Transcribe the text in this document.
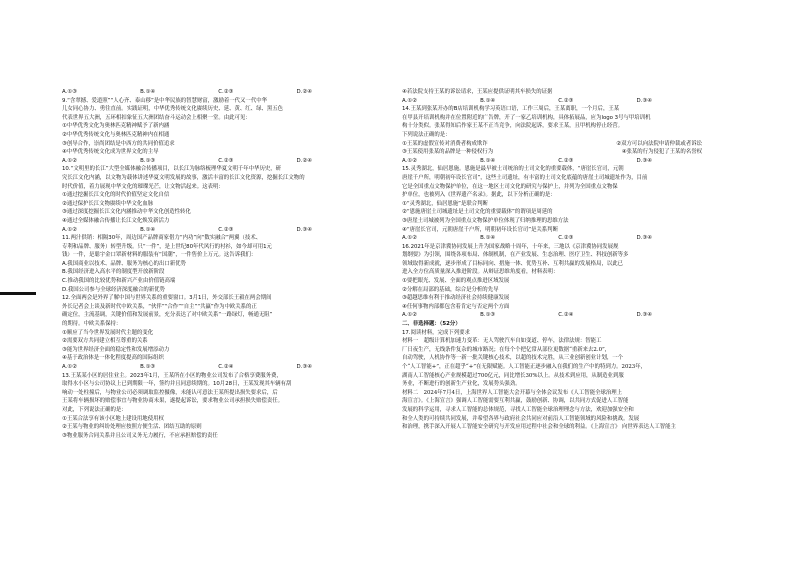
A.①③	B.①④	C.②③	D.②④
9.“含翠撼、爱道照”“人心齐、泰山移”是中华民族的智慧财富，激励着一代又一代中华
儿女同心协力、勇往直前。实践证明，中华优秀传统文化赓续历史、延、黄、红、绿、黑五色
代表世界五大洲，五环相扣象征五大洲团结奋斗运动会上相聚一堂。由此可见：
①中华优秀文化为奥林匹克精神赋予了新内涵
②中华优秀传统文化与奥林匹克精神内在相通
③创导合作，崇尚团结是中西方的共同价值追求
④中华优秀传统文化成为世界文化的主导
A.①②	B.①③	C.②③	D.②④
10.“文明里的长江”大型全媒体融合传播项目，以长江为脉络梳理华夏文明千年中华历史，研
究长江文化内涵，以文物为载体讲述华夏文明发展的故事，激活丰富的长江文化资源，挖掘长江文物的
时代价值，着力展现中华文化的璀璨光芒，让文物活起来。这表明：
①通过挖掘长江文化的时代价值坚定文化自信
②通过保护长江文物赓续中华文化血脉
③通过深度挖掘长江文化内涵推动中华文化创造性转化
④通过全媒体融合传播让长江文化焕发新活力
A.①②	B.①④	C.②③	D.③④
11.两汁供销：相隔30年，周边国产品牌商家借力“内功”向“数实融合”两翼（技术、
专利和品牌、服务）转型升级。只“一件”，是上世纪80年代风行的衬衫，如今却可用1元
钱）一件，是聪宇金口罩新材料的服装有“国潮”，一件售价上万元。这告诉我们：
A.我国商业以技术、品牌、服务为核心的出口新优势
B.我国经济进入高水平的制度型开放新阶段
C.推动我国的比较优势和新兴产业由价值链高端
D.我国公司参与全球经济深度融合的新优势
12.全面两会是外界了解中国与世界关系的重要窗口。3月1日，外交部长王毅在两会期间
外长记者会上谈及新时代中欧关系，“伙伴”“合作”“自主”“共赢”作为中欧关系的正
确定位，主流基调，关键价值和发展前景，充分表达了对中欧关系“一路绿灯，畅通无阻”
的期待。中欧关系保持：
①顺应了当今世界发展时代主题的变化
②需要双方共同建立相互尊重的关系
③能为世界经济全面的稳定性和发展增添动力
④基于政治体是一体化程度提高的国际组织
A.①②	B.①③	C.②④	D.③④
13.王某某小区的居住业主。2023年1月，王某所在小区的物业公司发布了合格享费服务费，
取得水小区与公司协议上已到期限一年，签约并且同意续期的。10月28日，王某发现其车辆有刮
响动一处柱撞后，与物业公司必须调取监控摄像，未能认可意法王某所提出损失要求后，后
王某将车辆损坏的赔偿事宜与物业协商未果，遂提起诉讼，要求物业公司承担损失赔偿责任。
对此，下列说法正确的是：
①王某合法享有该小区地上建设用地使用权
②王某与物业的纠纷处理应按照方便生活、团结互助的原则
③物业服务合同关系并且公司义务无力履行，不应承担赔偿的责任
④若法院支持王某的诉讼请求，王某应提供证明其车损失的证据
A.①②	B.①④	C.②③	D.③④
14.王某到张某开办的B店培训机构学习英语口语，工作三周后，王某离职，一个月后，王某
在甲县开培训机构并在位置附近的广告牌，开了一家乙培训机构，具体拓展品，应为logo 3号与甲培训机
构十分类似。张某得知后作家王某不正当竞争，向法院起诉，要求王某，且甲机构停止经营。
下列说法正确的是：
①王某的虚假宣传对消费者构成欺诈	②双方可以向法院申请仲裁或者诉讼
③王某使用张某的品牌是一种侵权行为	④张某的行为侵犯了王某的名誉权
A.①②	B.①④	C.②③	D.③④
15.灵秀湖北，仙居恩施。恩施是最早被土司统治的土司文化的重要载体，“唐崖长官司，元朝
唐崖千户所，明朝初年设长官司”，这些土司遗址，有丰富的土司文化底蕴的唐崖土司城遗址作为，目前
它是全国重点文物保护单位，在这一地区土司文化的研究与保护上，并列为全国重点文物保
护单位，也被列入《世界遗产名录》。据此，以下分析正确的是：
①“灵秀湖北，仙居恩施”是联合判断
②“恩施唐崖土司城遗址是土司文化的重要载体”的谓项是周延的
③唐崖土司城被列为全国重点文物保护单位体现了归纳推理的思维方法
④“唐崖长官司，元朝唐崖千户所，明朝初年设长官司”是关系判断
A.①②	B.①④	C.②③	D.③④
16.2021年是京津冀协同发展上升为国家战略十周年，十年来，三地以《京津冀协同发展规
划纲要》为引领，围绕各项布局、体制机制，在产业发展、生态治理、医疗卫生、科技创新等多
领域取得新成就，逐步形成了目标同向、措施一体、优势互补、互利共赢的发展格局，以此已
进入全方位高质量深入推进阶段。从辩证思维角度看，材料表明：
①要把眼光、发展、全面的观点推进区域发展
②分解在局部的基础，综合是分析的先导
③超越思维有利于推动经济社会持续健康发展
④任何事物内部都包含着肯定与否定两个方面
A.①②	B.①③	C.②④	D.③④
二、非选择题：（52分）
17.阅读材料，完成下列要求
材料一　超级计算机加速力变革：无人驾驶汽车自如变道、停车，法律法规：智能工
厂日夜生产，无线条件复杂的城市路况；在每个个把亿常从部位更数据“重新来去2.0”，
自动驾驶，人机协作等一新一批关键核心技术，以超的技术完胜，从三业创新创业计划，一个
个“人工智能+”，正在超乎“+”在无限赋能。人工智能正逐步融入在我们的生产中的特到力。2023年，
湖南人工智能核心产业规模超过700亿元，同比增长30%以上。从技术到应用，从制造业到服
务业，不断进行的创新生产业化，发展势头强劲。
材料二　2024年7月4日，上海世界人工智能大会开幕与全体会议发布《人工智能全球治理上
海宣言》。《上海宣言》强调人工智能需要互利共赢，鼓励创新、协调，以共同方式促进人工智能
发展的科学运用，寻求人工智能的总体规范，寻找人工智能全球治理理念与方法，欢迎加强安全和
和全人类的可持续共同发展，并希望各界与政府社会共同应对前沿人工智能领域的风险和挑战。发展
和治理，携手深入开展人工智能安全研究与开发应用过程中社会和全球的利益。《上海宣言》 向世界表达人工智能主
